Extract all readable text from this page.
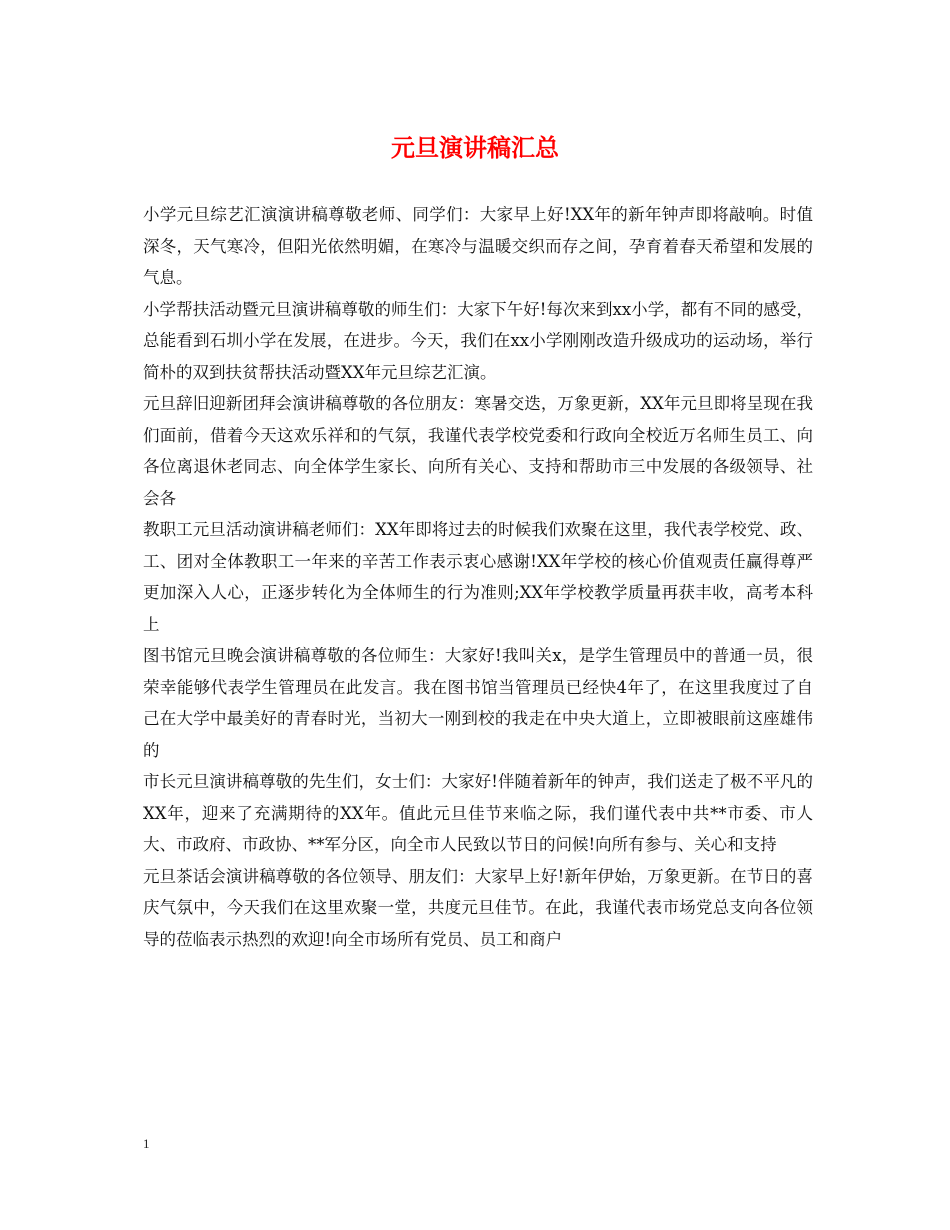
元旦演讲稿汇总

小学元旦综艺汇演演讲稿尊敬老师、同学们：大家早上好!XX年的新年钟声即将敲响。时值深冬，天气寒冷，但阳光依然明媚，在寒冷与温暖交织而存之间，孕育着春天希望和发展的气息。

小学帮扶活动暨元旦演讲稿尊敬的师生们：大家下午好!每次来到xx小学，都有不同的感受，总能看到石圳小学在发展，在进步。今天，我们在xx小学刚刚改造升级成功的运动场，举行简朴的双到扶贫帮扶活动暨XX年元旦综艺汇演。

元旦辞旧迎新团拜会演讲稿尊敬的各位朋友：寒暑交迭，万象更新，XX年元旦即将呈现在我们面前，借着今天这欢乐祥和的气氛，我谨代表学校党委和行政向全校近万名师生员工、向各位离退休老同志、向全体学生家长、向所有关心、支持和帮助市三中发展的各级领导、社会各

教职工元旦活动演讲稿老师们：XX年即将过去的时候我们欢聚在这里，我代表学校党、政、工、团对全体教职工一年来的辛苦工作表示衷心感谢!XX年学校的核心价值观责任赢得尊严更加深入人心，正逐步转化为全体师生的行为准则;XX年学校教学质量再获丰收，高考本科上

图书馆元旦晚会演讲稿尊敬的各位师生：大家好!我叫关x，是学生管理员中的普通一员，很荣幸能够代表学生管理员在此发言。我在图书馆当管理员已经快4年了，在这里我度过了自己在大学中最美好的青春时光，当初大一刚到校的我走在中央大道上，立即被眼前这座雄伟的

市长元旦演讲稿尊敬的先生们，女士们：大家好!伴随着新年的钟声，我们送走了极不平凡的XX年，迎来了充满期待的XX年。值此元旦佳节来临之际，我们谨代表中共**市委、市人大、市政府、市政协、**军分区，向全市人民致以节日的问候!向所有参与、关心和支持

元旦茶话会演讲稿尊敬的各位领导、朋友们：大家早上好!新年伊始，万象更新。在节日的喜庆气氛中，今天我们在这里欢聚一堂，共度元旦佳节。在此，我谨代表市场党总支向各位领导的莅临表示热烈的欢迎!向全市场所有党员、员工和商户

1
